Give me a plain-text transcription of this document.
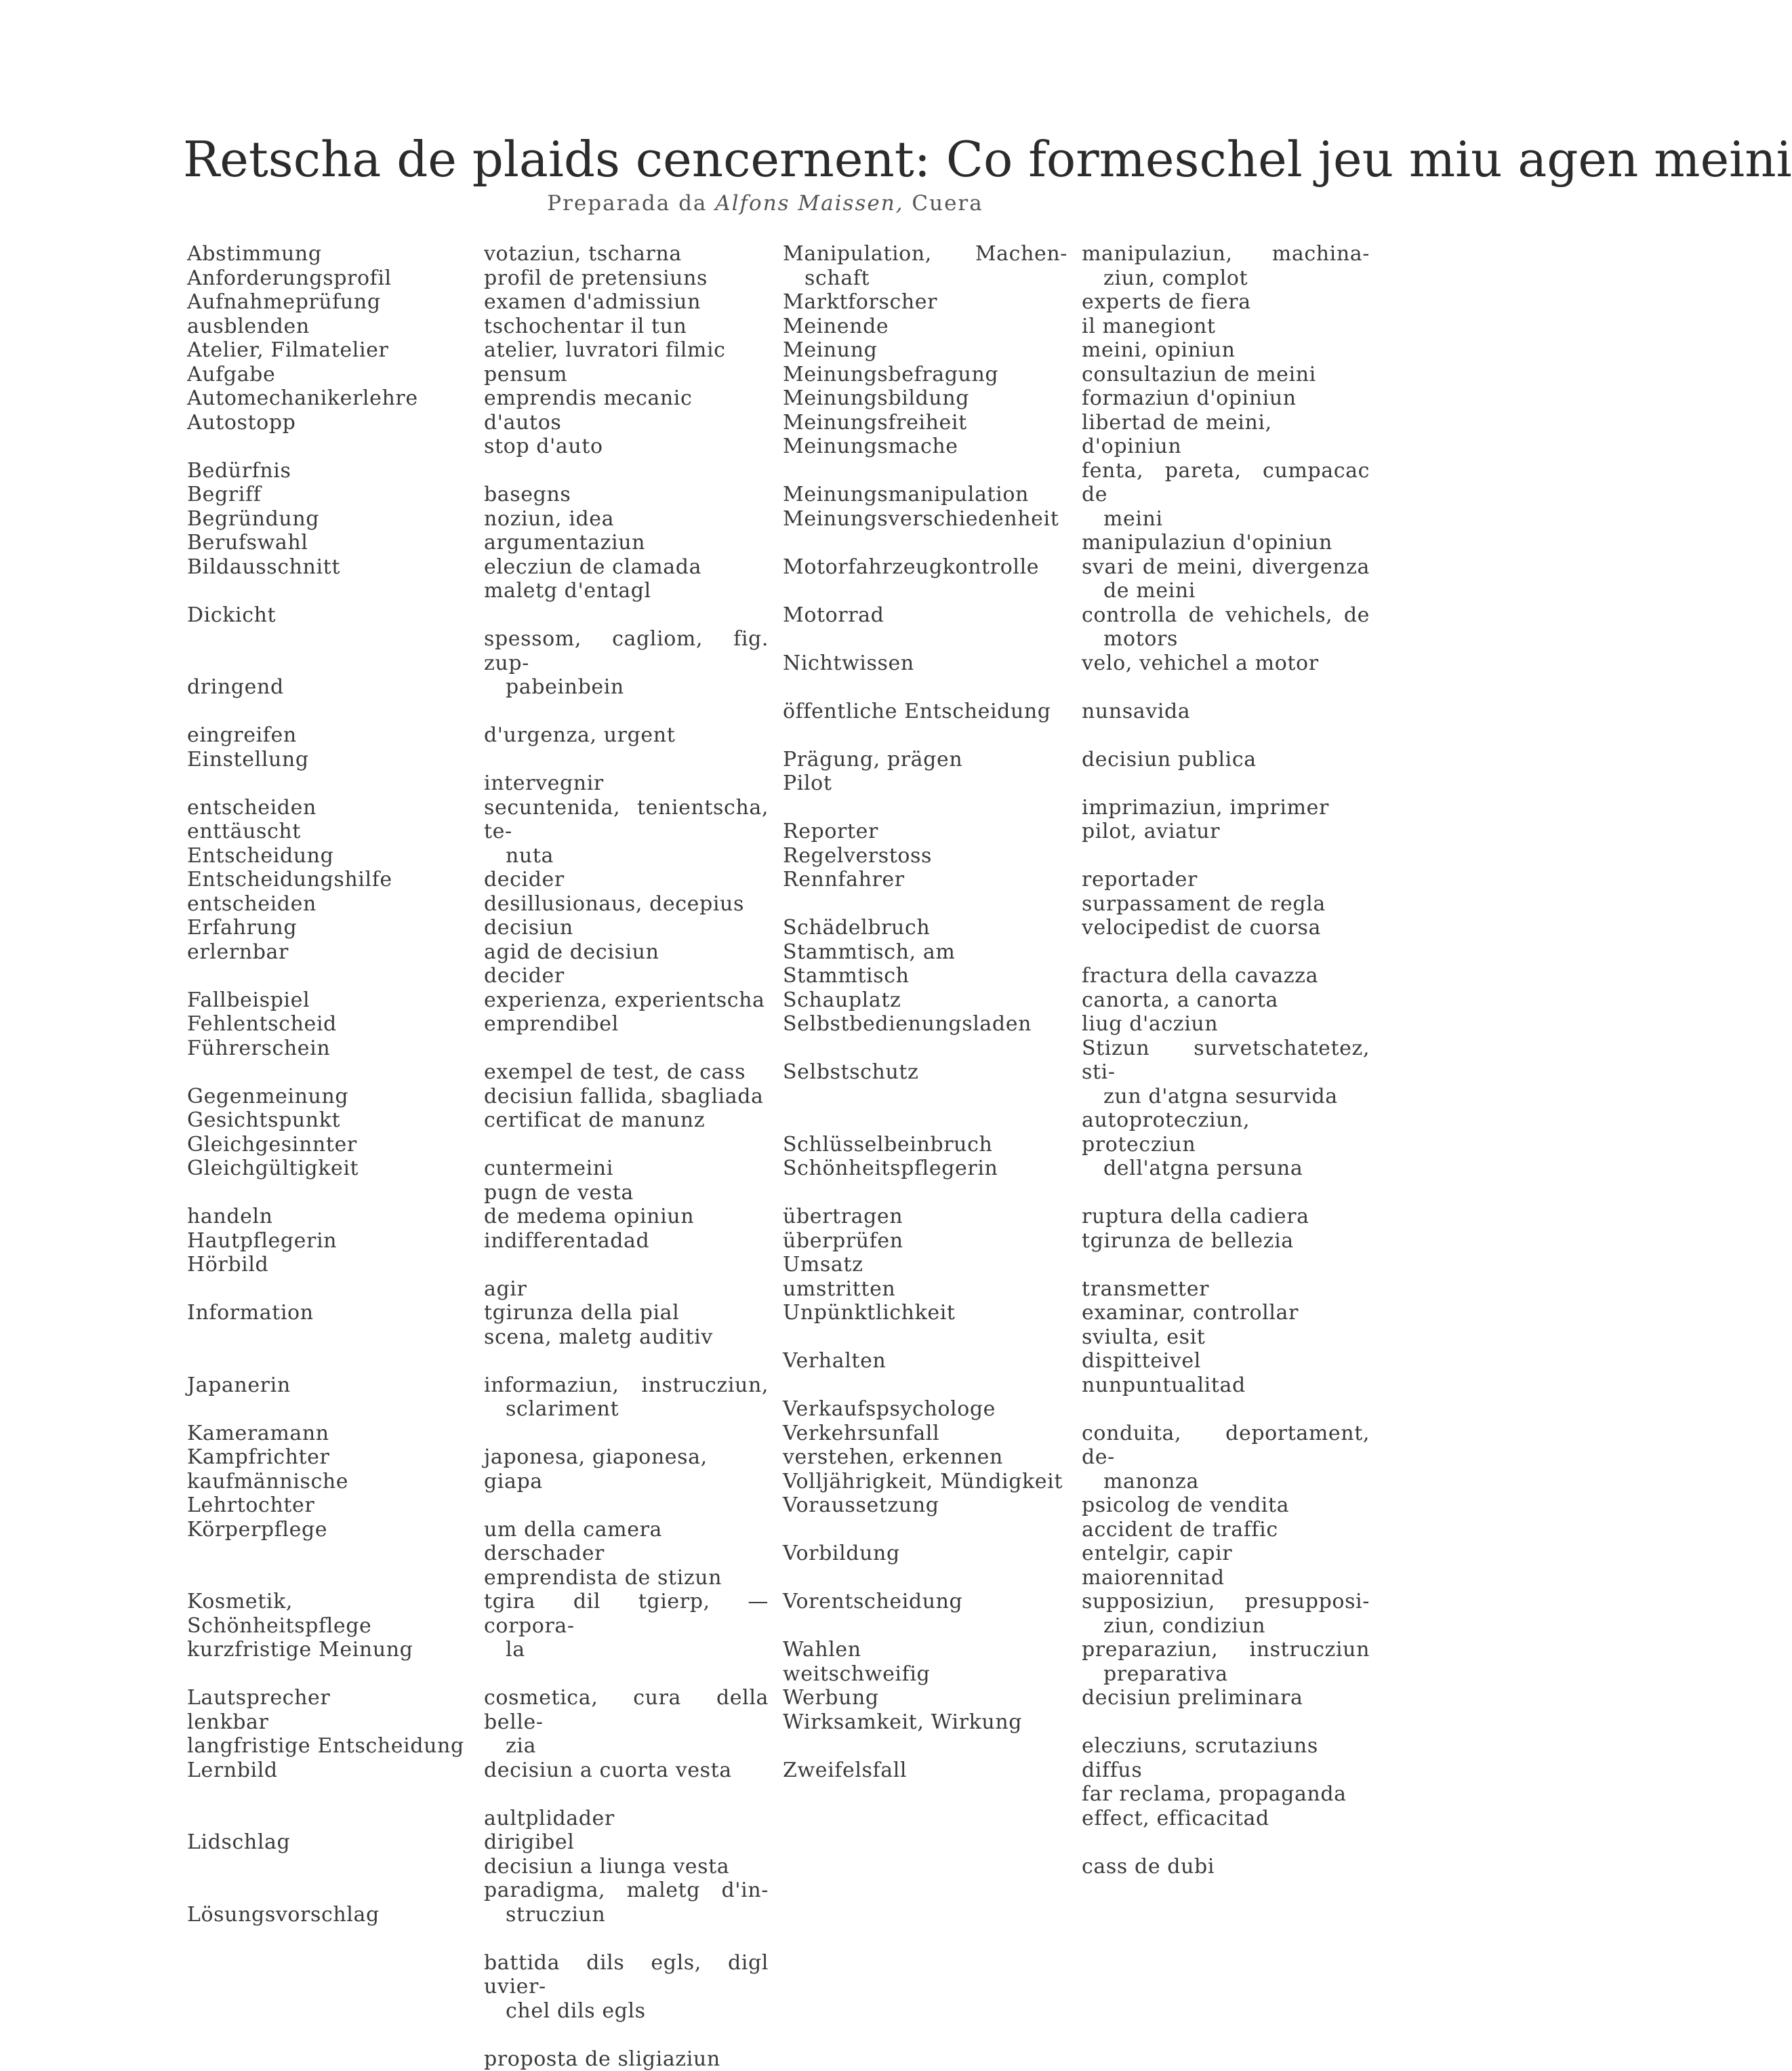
Retscha de plaids cencernent: Co formeschel jeu miu agen meini
Preparada da Alfons Maissen, Cuera
Abstimmung
Anforderungsprofil
Aufnahmeprüfung
ausblenden
Atelier, Filmatelier
Aufgabe
Automechanikerlehre
Autostopp
Bedürfnis
Begriff
Begründung
Berufswahl
Bildausschnitt
Dickicht
dringend
eingreifen
Einstellung
entscheiden
enttäuscht
Entscheidung
Entscheidungshilfe
entscheiden
Erfahrung
erlernbar
Fallbeispiel
Fehlentscheid
Führerschein
Gegenmeinung
Gesichtspunkt
Gleichgesinnter
Gleichgültigkeit
handeln
Hautpflegerin
Hörbild
Information
Japanerin
Kameramann
Kampfrichter
kaufmännische Lehrtochter
Körperpflege
Kosmetik, Schönheitspflege
kurzfristige Meinung
Lautsprecher
lenkbar
langfristige Entscheidung
Lernbild
Lidschlag
Lösungsvorschlag
votaziun, tscharna
profil de pretensiuns
examen d'admissiun
tschochentar il tun
atelier, luvratori filmic
pensum
emprendis mecanic d'autos
stop d'auto
basegns
noziun, idea
argumentaziun
elecziun de clamada
maletg d'entagl
spessom, cagliom, fig. zup-
pabeinbein
d'urgenza, urgent
intervegnir
secuntenida, tenientscha, te-
nuta
decider
desillusionaus, decepius
decisiun
agid de decisiun
decider
experienza, experientscha
emprendibel
exempel de test, de cass
decisiun fallida, sbagliada
certificat de manunz
cuntermeini
pugn de vesta
de medema opiniun
indifferentadad
agir
tgirunza della pial
scena, maletg auditiv
informaziun, instrucziun,
sclariment
japonesa, giaponesa, giapa
um della camera
derschader
emprendista de stizun
tgira dil tgierp, — corpora-
la
cosmetica, cura della belle-
zia
decisiun a cuorta vesta
aultplidader
dirigibel
decisiun a liunga vesta
paradigma, maletg d'in-
strucziun
battida dils egls, digl uvier-
chel dils egls
proposta de sligiaziun
Manipulation, Machen-
schaft
Marktforscher
Meinende
Meinung
Meinungsbefragung
Meinungsbildung
Meinungsfreiheit
Meinungsmache
Meinungsmanipulation
Meinungsverschiedenheit
Motorfahrzeugkontrolle
Motorrad
Nichtwissen
öffentliche Entscheidung
Prägung, prägen
Pilot
Reporter
Regelverstoss
Rennfahrer
Schädelbruch
Stammtisch, am Stammtisch
Schauplatz
Selbstbedienungsladen
Selbstschutz
Schlüsselbeinbruch
Schönheitspflegerin
übertragen
überprüfen
Umsatz
umstritten
Unpünktlichkeit
Verhalten
Verkaufspsychologe
Verkehrsunfall
verstehen, erkennen
Volljährigkeit, Mündigkeit
Voraussetzung
Vorbildung
Vorentscheidung
Wahlen
weitschweifig
Werbung
Wirksamkeit, Wirkung
Zweifelsfall
manipulaziun, machina-
ziun, complot
experts de fiera
il manegiont
meini, opiniun
consultaziun de meini
formaziun d'opiniun
libertad de meini, d'opiniun
fenta, pareta, cumpacac de
meini
manipulaziun d'opiniun
svari de meini, divergenza
de meini
controlla de vehichels, de
motors
velo, vehichel a motor
nunsavida
decisiun publica
imprimaziun, imprimer
pilot, aviatur
reportader
surpassament de regla
velocipedist de cuorsa
fractura della cavazza
canorta, a canorta
liug d'acziun
Stizun survetschatetez, sti-
zun d'atgna sesurvida
autoprotecziun, protecziun
dell'atgna persuna
ruptura della cadiera
tgirunza de bellezia
transmetter
examinar, controllar
sviulta, esit
dispitteivel
nunpuntualitad
conduita, deportament, de-
manonza
psicolog de vendita
accident de traffic
entelgir, capir
maiorennitad
supposiziun, presupposi-
ziun, condiziun
preparaziun, instrucziun
preparativa
decisiun preliminara
elecziuns, scrutaziuns
diffus
far reclama, propaganda
effect, efficacitad
cass de dubi
